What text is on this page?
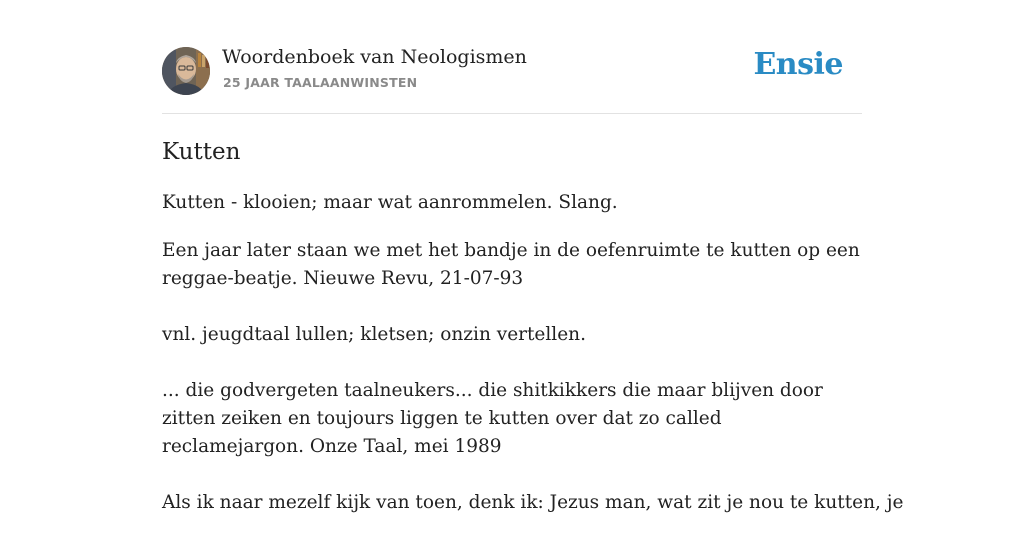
Woordenboek van Neologismen
25 JAAR TAALAANWINSTEN
Ensie
Kutten

Kutten - klooien; maar wat aanrommelen. Slang.

Een jaar later staan we met het bandje in de oefenruimte te kutten op een reggae-beatje. Nieuwe Revu, 21-07-93

vnl. jeugdtaal lullen; kletsen; onzin vertellen.

... die godvergeten taalneukers... die shitkikkers die maar blijven door zitten zeiken en toujours liggen te kutten over dat zo called reclamejargon. Onze Taal, mei 1989

Als ik naar mezelf kijk van toen, denk ik: Jezus man, wat zit je nou te kutten, je
